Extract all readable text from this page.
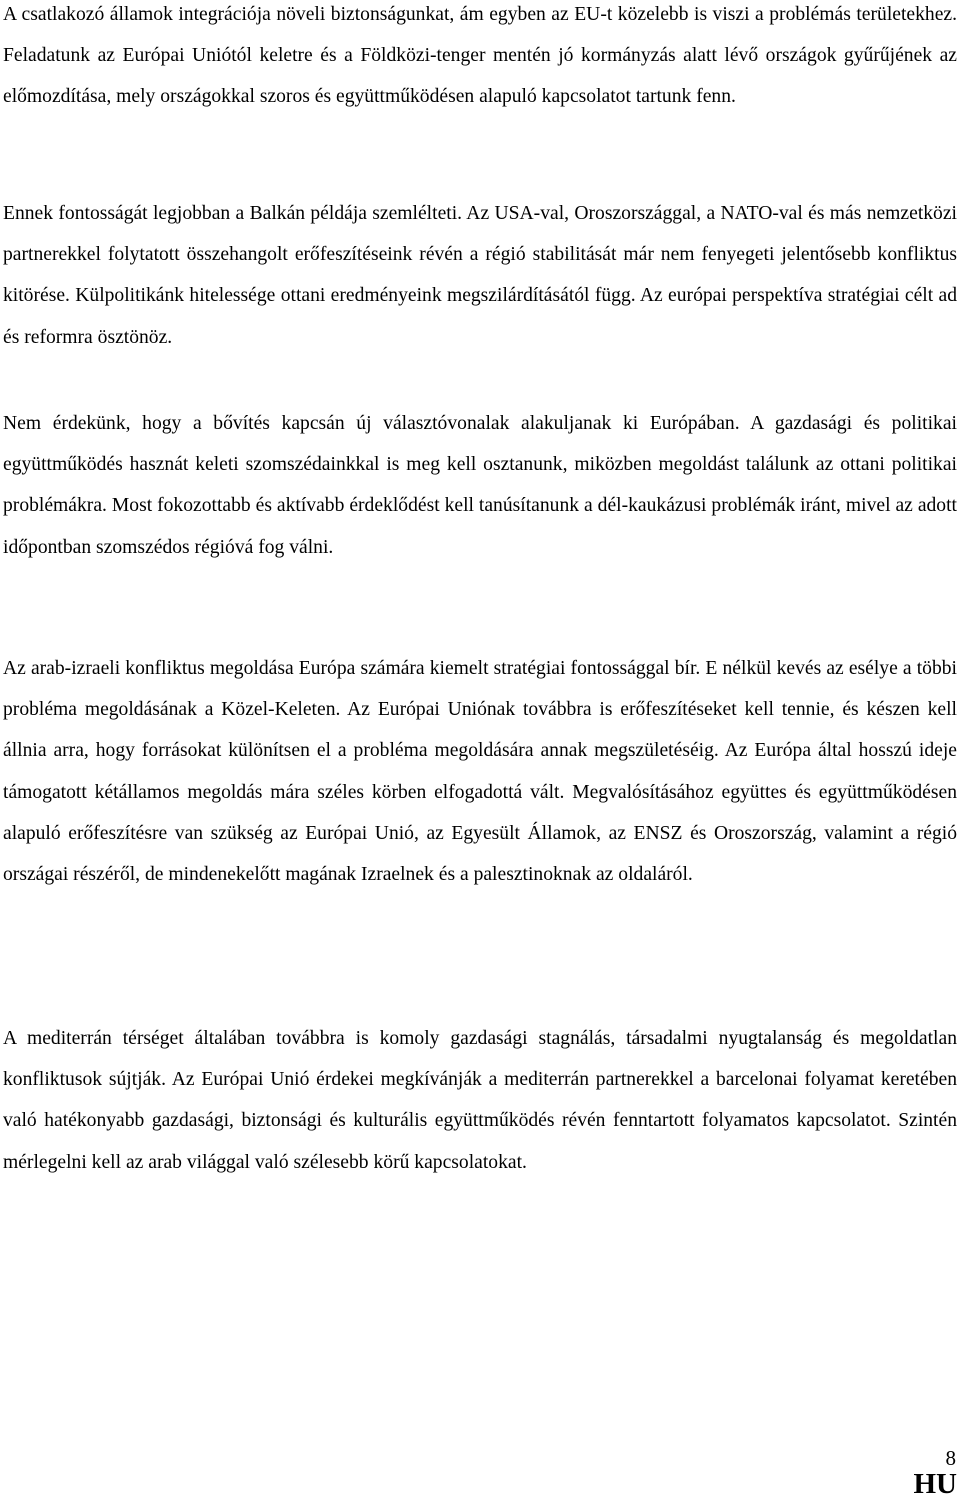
A csatlakozó államok integrációja növeli biztonságunkat, ám egyben az EU-t közelebb is viszi a problémás területekhez. Feladatunk az Európai Uniótól keletre és a Földközi-tenger mentén jó kormányzás alatt lévő országok gyűrűjének az előmozdítása, mely országokkal szoros és együttműködésen alapuló kapcsolatot tartunk fenn.

Ennek fontosságát legjobban a Balkán példája szemlélteti. Az USA-val, Oroszországgal, a NATO-val és más nemzetközi partnerekkel folytatott összehangolt erőfeszítéseink révén a régió stabilitását már nem fenyegeti jelentősebb konfliktus kitörése. Külpolitikánk hitelessége ottani eredményeink megszilárdításától függ. Az európai perspektíva stratégiai célt ad és reformra ösztönöz.

Nem érdekünk, hogy a bővítés kapcsán új választóvonalak alakuljanak ki Európában. A gazdasági és politikai együttműködés hasznát keleti szomszédainkkal is meg kell osztanunk, miközben megoldást találunk az ottani politikai problémákra. Most fokozottabb és aktívabb érdeklődést kell tanúsítanunk a dél-kaukázusi problémák iránt, mivel az adott időpontban szomszédos régióvá fog válni.

Az arab-izraeli konfliktus megoldása Európa számára kiemelt stratégiai fontossággal bír. E nélkül kevés az esélye a többi probléma megoldásának a Közel-Keleten. Az Európai Uniónak továbbra is erőfeszítéseket kell tennie, és készen kell állnia arra, hogy forrásokat különítsen el a probléma megoldására annak megszületéséig. Az Európa által hosszú ideje támogatott kétállamos megoldás mára széles körben elfogadottá vált. Megvalósításához együttes és együttműködésen alapuló erőfeszítésre van szükség az Európai Unió, az Egyesült Államok, az ENSZ és Oroszország, valamint a régió országai részéről, de mindenekelőtt magának Izraelnek és a palesztinoknak az oldaláról.

A mediterrán térséget általában továbbra is komoly gazdasági stagnálás, társadalmi nyugtalanság és megoldatlan konfliktusok sújtják. Az Európai Unió érdekei megkívánják a mediterrán partnerekkel a barcelonai folyamat keretében való hatékonyabb gazdasági, biztonsági és kulturális együttműködés révén fenntartott folyamatos kapcsolatot. Szintén mérlegelni kell az arab világgal való szélesebb körű kapcsolatokat.

8
HU
